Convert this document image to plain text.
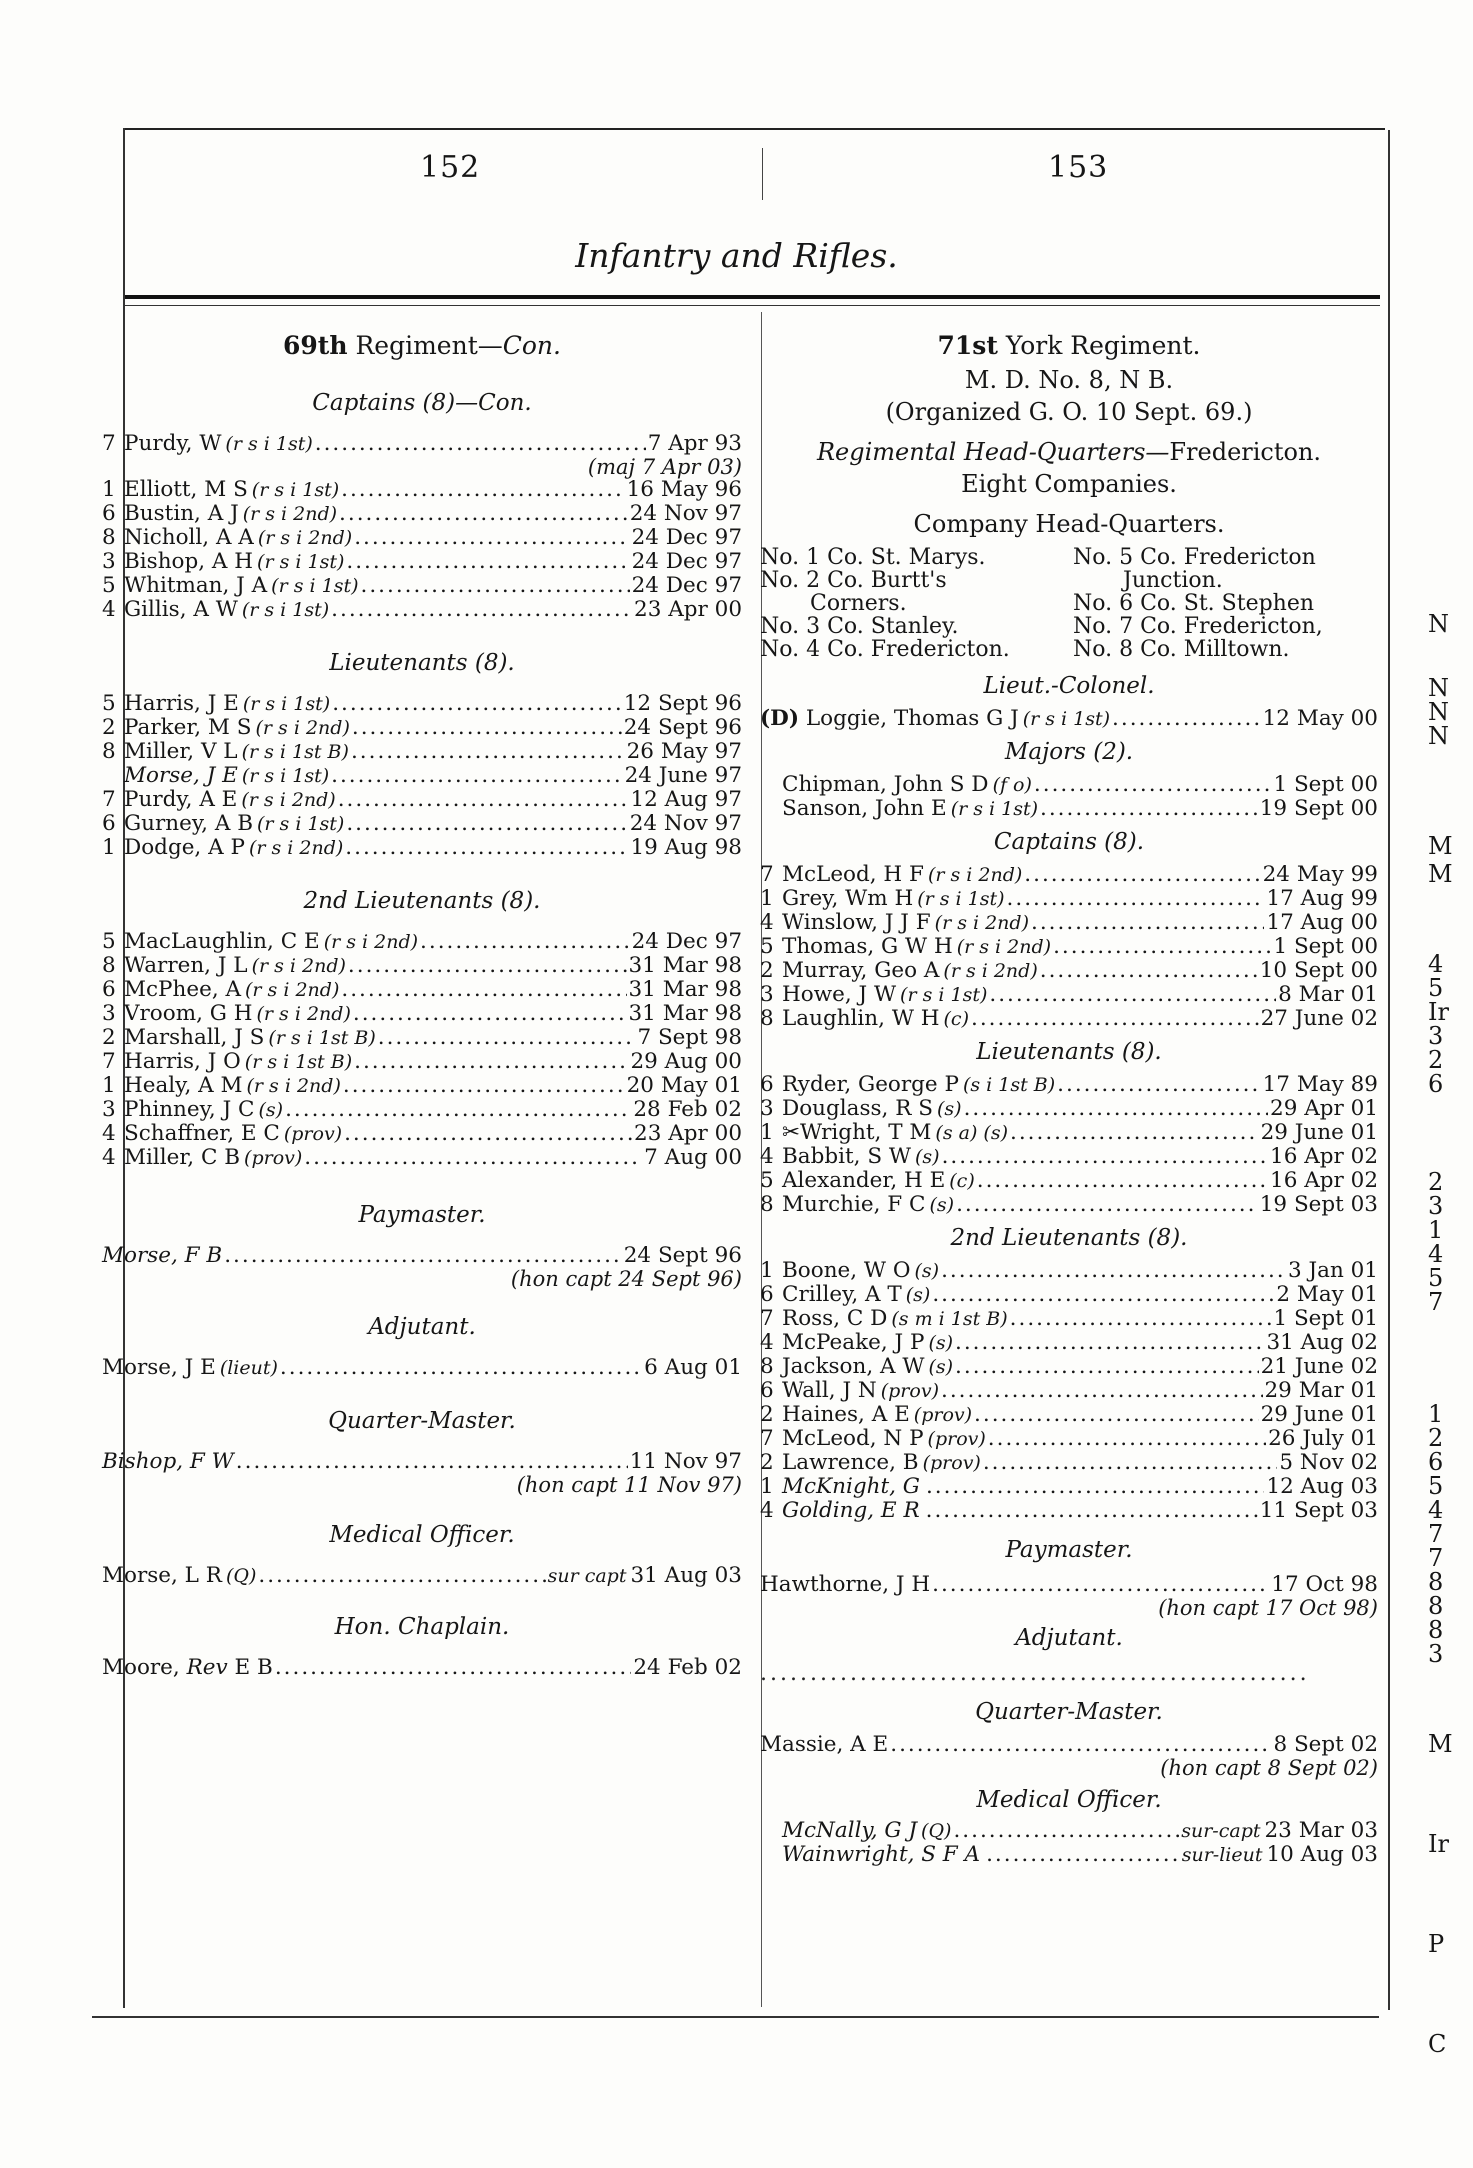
152	153
Infantry and Rifles.
69th Regiment—Con.
Captains (8)—Con.
7 Purdy, W (r s i 1st) .....	7 Apr 93
(maj 7 Apr 03)
1 Elliott, M S (r s i 1st) .....	16 May 96
6 Bustin, A J (r s i 2nd) .....	24 Nov 97
8 Nicholl, A A (r s i 2nd) .....	24 Dec 97
3 Bishop, A H (r s i 1st) .....	24 Dec 97
5 Whitman, J A (r s i 1st) .....	24 Dec 97
4 Gillis, A W (r s i 1st) .....	23 Apr 00
Lieutenants (8).
5 Harris, J E (r s i 1st) .....	12 Sept 96
2 Parker, M S (r s i 2nd) .....	24 Sept 96
8 Miller, V L (r s i 1st B) .....	26 May 97
Morse, J E (r s i 1st) .....	24 June 97
7 Purdy, A E (r s i 2nd) .....	12 Aug 97
6 Gurney, A B (r s i 1st) .....	24 Nov 97
1 Dodge, A P (r s i 2nd) .....	19 Aug 98
2nd Lieutenants (8).
5 MacLaughlin, C E (r s i 2nd) .....	24 Dec 97
8 Warren, J L (r s i 2nd) .....	31 Mar 98
6 McPhee, A (r s i 2nd) .....	31 Mar 98
3 Vroom, G H (r s i 2nd) .....	31 Mar 98
2 Marshall, J S (r s i 1st B) .....	7 Sept 98
7 Harris, J O (r s i 1st B) .....	29 Aug 00
1 Healy, A M (r s i 2nd) .....	20 May 01
3 Phinney, J C (s) .....	28 Feb 02
4 Schaffner, E C (prov) .....	23 Apr 00
4 Miller, C B (prov) .....	7 Aug 00
Paymaster.
Morse, F B .....	24 Sept 96
(hon capt 24 Sept 96)
Adjutant.
Morse, J E (lieut) .....	6 Aug 01
Quarter-Master.
Bishop, F W .....	11 Nov 97
(hon capt 11 Nov 97)
Medical Officer.
Morse, L R (Q) .....	sur capt 31 Aug 03
Hon. Chaplain.
Moore, Rev E B .....	24 Feb 02
71st York Regiment.
M. D. No. 8, N B.
(Organized G. O. 10 Sept. 69.)
Regimental Head-Quarters—Fredericton.
Eight Companies.
Company Head-Quarters.
No. 1 Co. St. Marys.	No. 5 Co. Fredericton
No. 2 Co. Burtt's	Junction.
Corners.	No. 6 Co. St. Stephen
No. 3 Co. Stanley.	No. 7 Co. Fredericton,
No. 4 Co. Fredericton.	No. 8 Co. Milltown.
Lieut.-Colonel.
(D) Loggie, Thomas G J (r s i 1st) .....	12 May 00
Majors (2).
Chipman, John S D (f o) .....	1 Sept 00
Sanson, John E (r s i 1st) .....	19 Sept 00
Captains (8).
7 McLeod, H F (r s i 2nd) .....	24 May 99
1 Grey, Wm H (r s i 1st) .....	17 Aug 99
4 Winslow, J J F (r s i 2nd) .....	17 Aug 00
5 Thomas, G W H (r s i 2nd) .....	1 Sept 00
2 Murray, Geo A (r s i 2nd) .....	10 Sept 00
3 Howe, J W (r s i 1st) .....	8 Mar 01
8 Laughlin, W H (c) .....	27 June 02
Lieutenants (8).
6 Ryder, George P (s i 1st B) .....	17 May 89
3 Douglass, R S (s) .....	29 Apr 01
1 ✂Wright, T M (s a) (s) .....	29 June 01
4 Babbit, S W (s) .....	16 Apr 02
5 Alexander, H E (c) .....	16 Apr 02
8 Murchie, F C (s) .....	19 Sept 03
2nd Lieutenants (8).
1 Boone, W O (s) .....	3 Jan 01
6 Crilley, A T (s) .....	2 May 01
7 Ross, C D (s m i 1st B) .....	1 Sept 01
4 McPeake, J P (s) .....	31 Aug 02
8 Jackson, A W (s) .....	21 June 02
6 Wall, J N (prov) .....	29 Mar 01
2 Haines, A E (prov) .....	29 June 01
7 McLeod, N P (prov) .....	26 July 01
2 Lawrence, B (prov) .....	5 Nov 02
1 McKnight, G .....	12 Aug 03
4 Golding, E R .....	11 Sept 03
Paymaster.
Hawthorne, J H .....	17 Oct 98
(hon capt 17 Oct 98)
Adjutant.
.......................................................
Quarter-Master.
Massie, A E .....	8 Sept 02
(hon capt 8 Sept 02)
Medical Officer.
McNally, G J (Q) .....	sur-capt 23 Mar 03
Wainwright, S F A .....	sur-lieut 10 Aug 03
N
N
N
N
M
M
4
5
Ir
3
2
6
2
3
1
4
5
7
1
2
6
5
4
7
7
8
8
8
3
M
Ir
P
C
